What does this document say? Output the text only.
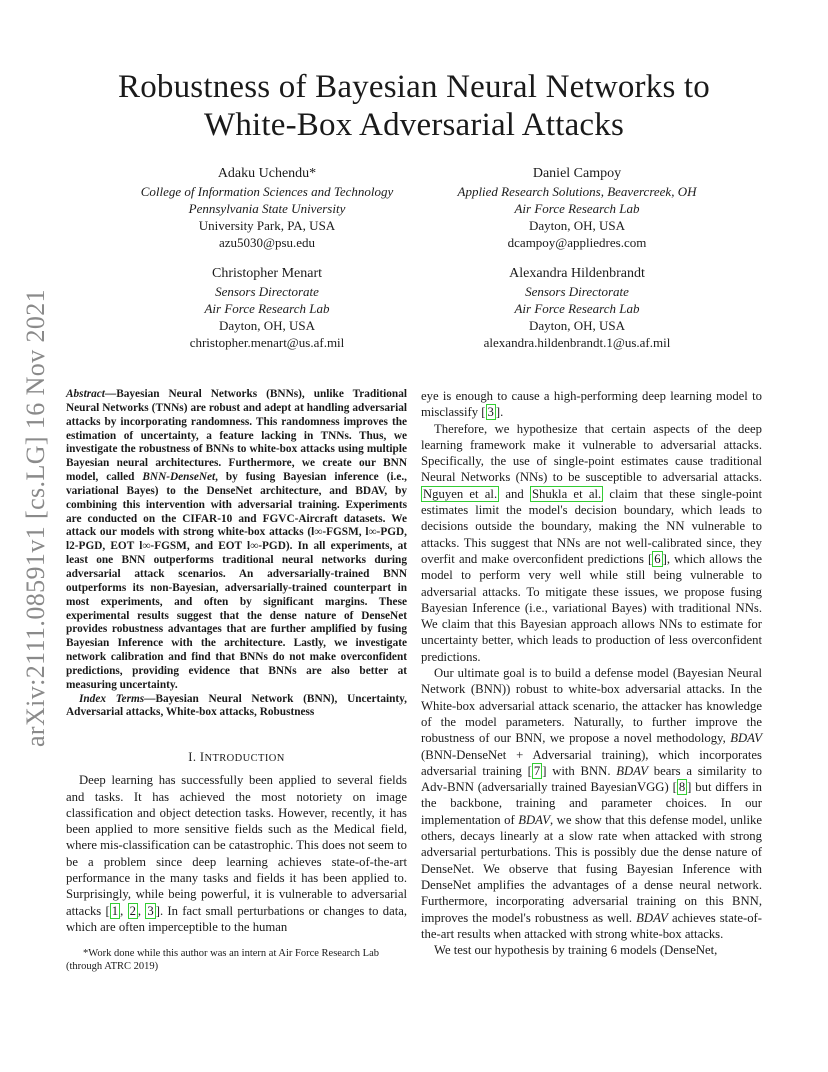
Robustness of Bayesian Neural Networks to
White-Box Adversarial Attacks
Adaku Uchendu*
College of Information Sciences and Technology
Pennsylvania State University
University Park, PA, USA
azu5030@psu.edu
Daniel Campoy
Applied Research Solutions, Beavercreek, OH
Air Force Research Lab
Dayton, OH, USA
dcampoy@appliedres.com
Christopher Menart
Sensors Directorate
Air Force Research Lab
Dayton, OH, USA
christopher.menart@us.af.mil
Alexandra Hildenbrandt
Sensors Directorate
Air Force Research Lab
Dayton, OH, USA
alexandra.hildenbrandt.1@us.af.mil
arXiv:2111.08591v1 [cs.LG] 16 Nov 2021 Abstract—Bayesian Neural Networks (BNNs), unlike Traditional Neural Networks (TNNs) are robust and adept at handling adversarial attacks by incorporating randomness. This randomness improves the estimation of uncertainty, a feature lacking in TNNs. Thus, we investigate the robustness of BNNs to white-box attacks using multiple Bayesian neural architectures. Furthermore, we create our BNN model, called BNN-DenseNet, by fusing Bayesian inference (i.e., variational Bayes) to the DenseNet architecture, and BDAV, by combining this intervention with adversarial training. Experiments are conducted on the CIFAR-10 and FGVC-Aircraft datasets. We attack our models with strong white-box attacks (l∞-FGSM, l∞-PGD, l2-PGD, EOT l∞-FGSM, and EOT l∞-PGD). In all experiments, at least one BNN outperforms traditional neural networks during adversarial attack scenarios. An adversarially-trained BNN outperforms its non-Bayesian, adversarially-trained counterpart in most experiments, and often by significant margins. These experimental results suggest that the dense nature of DenseNet provides robustness advantages that are further amplified by fusing Bayesian Inference with the architecture. Lastly, we investigate network calibration and find that BNNs do not make overconfident predictions, providing evidence that BNNs are also better at measuring uncertainty.
Index Terms—Bayesian Neural Network (BNN), Uncertainty, Adversarial attacks, White-box attacks, Robustness
I. INTRODUCTION

Deep learning has successfully been applied to several fields and tasks. It has achieved the most notoriety on image classification and object detection tasks. However, recently, it has been applied to more sensitive fields such as the Medical field, where mis-classification can be catastrophic. This does not seem to be a problem since deep learning achieves state-of-the-art performance in the many tasks and fields it has been applied to. Surprisingly, while being powerful, it is vulnerable to adversarial attacks [ 1 , 2 , 3 ]. In fact small perturbations or changes to data, which are often imperceptible to the human

*Work done while this author was an intern at Air Force Research Lab (through ATRC 2019)

eye is enough to cause a high-performing deep learning model to misclassify [ 3 ].

Therefore, we hypothesize that certain aspects of the deep learning framework make it vulnerable to adversarial attacks. Specifically, the use of single-point estimates cause traditional Neural Networks (NNs) to be susceptible to adversarial attacks. Nguyen et al. and Shukla et al. claim that these single-point estimates limit the model's decision boundary, which leads to decisions outside the boundary, making the NN vulnerable to attacks. This suggest that NNs are not well-calibrated since, they overfit and make overconfident predictions [ 6 ], which allows the model to perform very well while still being vulnerable to adversarial attacks. To mitigate these issues, we propose fusing Bayesian Inference (i.e., variational Bayes) with traditional NNs. We claim that this Bayesian approach allows NNs to estimate for uncertainty better, which leads to production of less overconfident predictions.

Our ultimate goal is to build a defense model (Bayesian Neural Network (BNN)) robust to white-box adversarial attacks. In the White-box adversarial attack scenario, the attacker has knowledge of the model parameters. Naturally, to further improve the robustness of our BNN, we propose a novel methodology, BDAV (BNN-DenseNet + Adversarial training), which incorporates adversarial training [ 7 ] with BNN. BDAV bears a similarity to Adv-BNN (adversarially trained BayesianVGG) [ 8 ] but differs in the backbone, training and parameter choices. In our implementation of BDAV, we show that this defense model, unlike others, decays linearly at a slow rate when attacked with strong adversarial perturbations. This is possibly due the dense nature of DenseNet. We observe that fusing Bayesian Inference with DenseNet amplifies the advantages of a dense neural network. Furthermore, incorporating adversarial training on this BNN, improves the model's robustness as well. BDAV achieves state-of-the-art results when attacked with strong white-box attacks.

We test our hypothesis by training 6 models (DenseNet,
